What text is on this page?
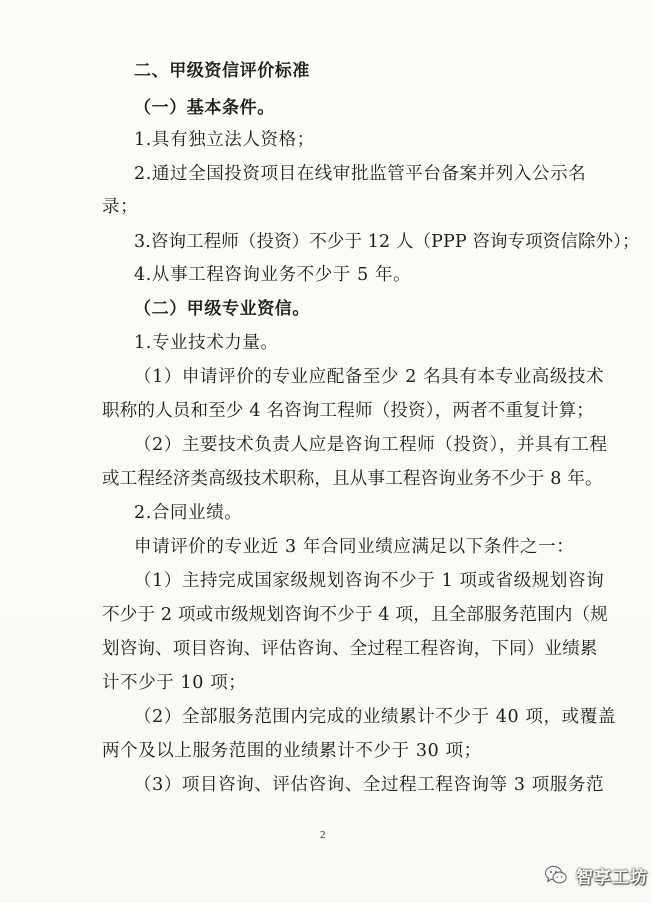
二、甲级资信评价标准
（一）基本条件。
1.具有独立法人资格；
2.通过全国投资项目在线审批监管平台备案并列入公示名
录；
3.咨询工程师（投资）不少于 12 人（PPP 咨询专项资信除外）；
4.从事工程咨询业务不少于 5 年。
（二）甲级专业资信。
1.专业技术力量。
（1）申请评价的专业应配备至少 2 名具有本专业高级技术
职称的人员和至少 4 名咨询工程师（投资），两者不重复计算；
（2）主要技术负责人应是咨询工程师（投资），并具有工程
或工程经济类高级技术职称，且从事工程咨询业务不少于 8 年。
2.合同业绩。
申请评价的专业近 3 年合同业绩应满足以下条件之一：
（1）主持完成国家级规划咨询不少于 1 项或省级规划咨询
不少于 2 项或市级规划咨询不少于 4 项，且全部服务范围内（规
划咨询、项目咨询、评估咨询、全过程工程咨询，下同）业绩累
计不少于 10 项；
（2）全部服务范围内完成的业绩累计不少于 40 项，或覆盖
两个及以上服务范围的业绩累计不少于 30 项；
（3）项目咨询、评估咨询、全过程工程咨询等 3 项服务范
2
智享工坊
